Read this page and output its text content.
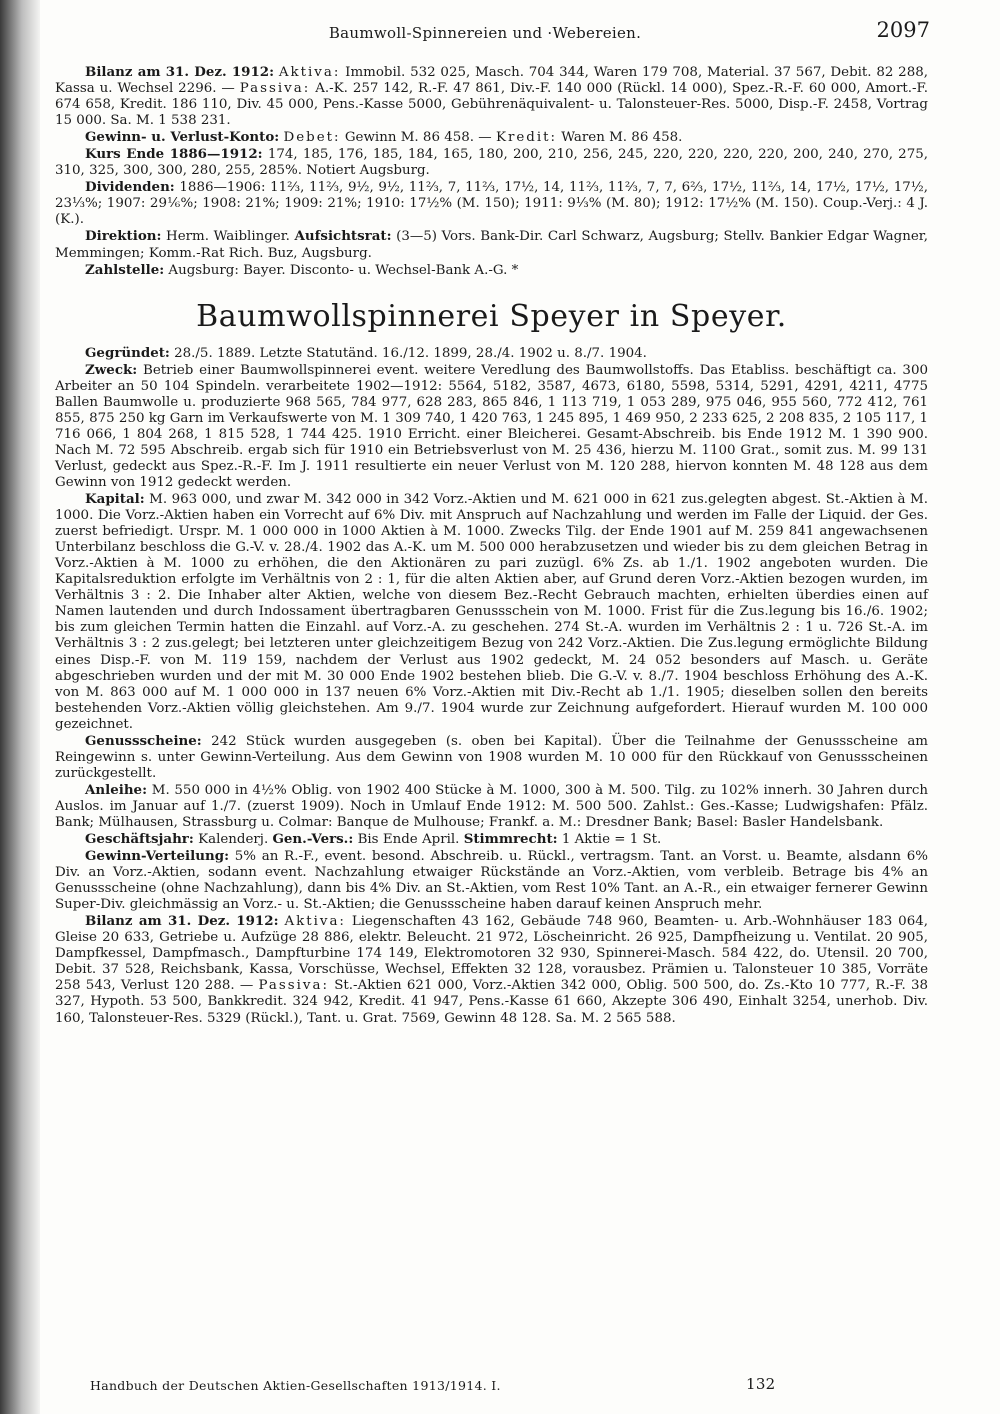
Baumwoll-Spinnereien und ·Webereien.	2097

Bilanz am 31. Dez. 1912: Aktiva: Immobil. 532 025, Masch. 704 344, Waren 179 708, Material. 37 567, Debit. 82 288, Kassa u. Wechsel 2296. — Passiva: A.-K. 257 142, R.-F. 47 861, Div.-F. 140 000 (Rückl. 14 000), Spez.-R.-F. 60 000, Amort.-F. 674 658, Kredit. 186 110, Div. 45 000, Pens.-Kasse 5000, Gebührenäquivalent- u. Talonsteuer-Res. 5000, Disp.-F. 2458, Vortrag 15 000. Sa. M. 1 538 231.

Gewinn- u. Verlust-Konto: Debet: Gewinn M. 86 458. — Kredit: Waren M. 86 458.

Kurs Ende 1886—1912: 174, 185, 176, 185, 184, 165, 180, 200, 210, 256, 245, 220, 220, 220, 220, 200, 240, 270, 275, 310, 325, 300, 300, 280, 255, 285%. Notiert Augsburg.

Dividenden: 1886—1906: 11⅔, 11⅔, 9½, 9½, 11⅔, 7, 11⅔, 17½, 14, 11⅔, 11⅔, 7, 7, 6⅔, 17½, 11⅔, 14, 17½, 17½, 17½, 23⅓%; 1907: 29⅙%; 1908: 21%; 1909: 21%; 1910: 17½% (M. 150); 1911: 9⅓% (M. 80); 1912: 17½% (M. 150). Coup.-Verj.: 4 J. (K.).

Direktion: Herm. Waiblinger. Aufsichtsrat: (3—5) Vors. Bank-Dir. Carl Schwarz, Augsburg; Stellv. Bankier Edgar Wagner, Memmingen; Komm.-Rat Rich. Buz, Augsburg.

Zahlstelle: Augsburg: Bayer. Disconto- u. Wechsel-Bank A.-G. *

Baumwollspinnerei Speyer in Speyer.

Gegründet: 28./5. 1889. Letzte Statutänd. 16./12. 1899, 28./4. 1902 u. 8./7. 1904.

Zweck: Betrieb einer Baumwollspinnerei event. weitere Veredlung des Baumwollstoffs. Das Etabliss. beschäftigt ca. 300 Arbeiter an 50 104 Spindeln. verarbeitete 1902—1912: 5564, 5182, 3587, 4673, 6180, 5598, 5314, 5291, 4291, 4211, 4775 Ballen Baumwolle u. produzierte 968 565, 784 977, 628 283, 865 846, 1 113 719, 1 053 289, 975 046, 955 560, 772 412, 761 855, 875 250 kg Garn im Verkaufswerte von M. 1 309 740, 1 420 763, 1 245 895, 1 469 950, 2 233 625, 2 208 835, 2 105 117, 1 716 066, 1 804 268, 1 815 528, 1 744 425. 1910 Erricht. einer Bleicherei. Gesamt-Abschreib. bis Ende 1912 M. 1 390 900. Nach M. 72 595 Abschreib. ergab sich für 1910 ein Betriebsverlust von M. 25 436, hierzu M. 1100 Grat., somit zus. M. 99 131 Verlust, gedeckt aus Spez.-R.-F. Im J. 1911 resultierte ein neuer Verlust von M. 120 288, hiervon konnten M. 48 128 aus dem Gewinn von 1912 gedeckt werden.

Kapital: M. 963 000, und zwar M. 342 000 in 342 Vorz.-Aktien und M. 621 000 in 621 zus.gelegten abgest. St.-Aktien à M. 1000. Die Vorz.-Aktien haben ein Vorrecht auf 6% Div. mit Anspruch auf Nachzahlung und werden im Falle der Liquid. der Ges. zuerst befriedigt. Urspr. M. 1 000 000 in 1000 Aktien à M. 1000. Zwecks Tilg. der Ende 1901 auf M. 259 841 angewachsenen Unterbilanz beschloss die G.-V. v. 28./4. 1902 das A.-K. um M. 500 000 herabzusetzen und wieder bis zu dem gleichen Betrag in Vorz.-Aktien à M. 1000 zu erhöhen, die den Aktionären zu pari zuzügl. 6% Zs. ab 1./1. 1902 angeboten wurden. Die Kapitalsreduktion erfolgte im Verhältnis von 2 : 1, für die alten Aktien aber, auf Grund deren Vorz.-Aktien bezogen wurden, im Verhältnis 3 : 2. Die Inhaber alter Aktien, welche von diesem Bez.-Recht Gebrauch machten, erhielten überdies einen auf Namen lautenden und durch Indossament übertragbaren Genussschein von M. 1000. Frist für die Zus.legung bis 16./6. 1902; bis zum gleichen Termin hatten die Einzahl. auf Vorz.-A. zu geschehen. 274 St.-A. wurden im Verhältnis 2 : 1 u. 726 St.-A. im Verhältnis 3 : 2 zus.gelegt; bei letzteren unter gleichzeitigem Bezug von 242 Vorz.-Aktien. Die Zus.legung ermöglichte Bildung eines Disp.-F. von M. 119 159, nachdem der Verlust aus 1902 gedeckt, M. 24 052 besonders auf Masch. u. Geräte abgeschrieben wurden und der mit M. 30 000 Ende 1902 bestehen blieb. Die G.-V. v. 8./7. 1904 beschloss Erhöhung des A.-K. von M. 863 000 auf M. 1 000 000 in 137 neuen 6% Vorz.-Aktien mit Div.-Recht ab 1./1. 1905; dieselben sollen den bereits bestehenden Vorz.-Aktien völlig gleichstehen. Am 9./7. 1904 wurde zur Zeichnung aufgefordert. Hierauf wurden M. 100 000 gezeichnet.

Genussscheine: 242 Stück wurden ausgegeben (s. oben bei Kapital). Über die Teilnahme der Genussscheine am Reingewinn s. unter Gewinn-Verteilung. Aus dem Gewinn von 1908 wurden M. 10 000 für den Rückkauf von Genussscheinen zurückgestellt.

Anleihe: M. 550 000 in 4½% Oblig. von 1902 400 Stücke à M. 1000, 300 à M. 500. Tilg. zu 102% innerh. 30 Jahren durch Auslos. im Januar auf 1./7. (zuerst 1909). Noch in Umlauf Ende 1912: M. 500 500. Zahlst.: Ges.-Kasse; Ludwigshafen: Pfälz. Bank; Mülhausen, Strassburg u. Colmar: Banque de Mulhouse; Frankf. a. M.: Dresdner Bank; Basel: Basler Handelsbank.

Geschäftsjahr: Kalenderj. Gen.-Vers.: Bis Ende April. Stimmrecht: 1 Aktie = 1 St.

Gewinn-Verteilung: 5% an R.-F., event. besond. Abschreib. u. Rückl., vertragsm. Tant. an Vorst. u. Beamte, alsdann 6% Div. an Vorz.-Aktien, sodann event. Nachzahlung etwaiger Rückstände an Vorz.-Aktien, vom verbleib. Betrage bis 4% an Genussscheine (ohne Nachzahlung), dann bis 4% Div. an St.-Aktien, vom Rest 10% Tant. an A.-R., ein etwaiger fernerer Gewinn Super-Div. gleichmässig an Vorz.- u. St.-Aktien; die Genussscheine haben darauf keinen Anspruch mehr.

Bilanz am 31. Dez. 1912: Aktiva: Liegenschaften 43 162, Gebäude 748 960, Beamten- u. Arb.-Wohnhäuser 183 064, Gleise 20 633, Getriebe u. Aufzüge 28 886, elektr. Beleucht. 21 972, Löscheinricht. 26 925, Dampfheizung u. Ventilat. 20 905, Dampfkessel, Dampfmasch., Dampfturbine 174 149, Elektromotoren 32 930, Spinnerei-Masch. 584 422, do. Utensil. 20 700, Debit. 37 528, Reichsbank, Kassa, Vorschüsse, Wechsel, Effekten 32 128, vorausbez. Prämien u. Talonsteuer 10 385, Vorräte 258 543, Verlust 120 288. — Passiva: St.-Aktien 621 000, Vorz.-Aktien 342 000, Oblig. 500 500, do. Zs.-Kto 10 777, R.-F. 38 327, Hypoth. 53 500, Bankkredit. 324 942, Kredit. 41 947, Pens.-Kasse 61 660, Akzepte 306 490, Einhalt 3254, unerhob. Div. 160, Talonsteuer-Res. 5329 (Rückl.), Tant. u. Grat. 7569, Gewinn 48 128. Sa. M. 2 565 588.

Handbuch der Deutschen Aktien-Gesellschaften 1913/1914. I.	132
